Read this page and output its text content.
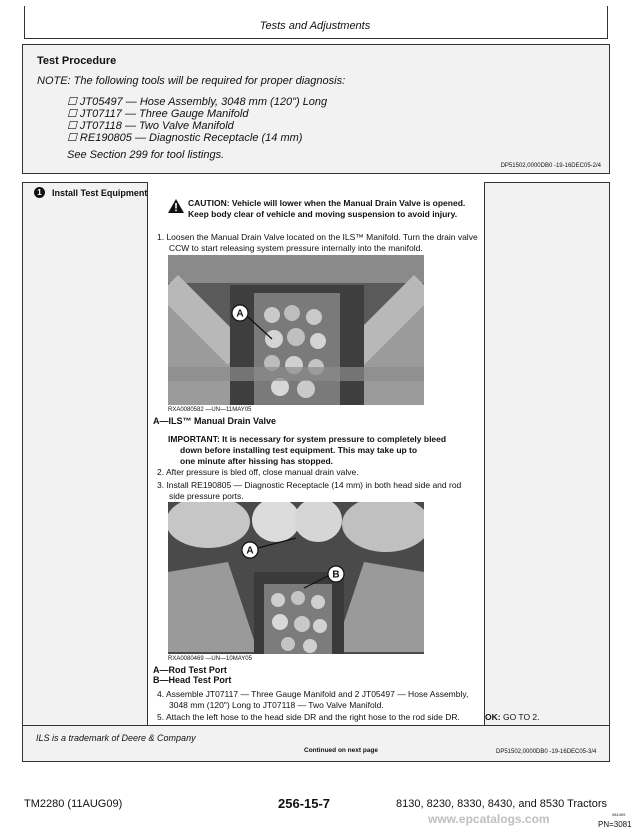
Tests and Adjustments
Test Procedure
NOTE: The following tools will be required for proper diagnosis:
☐ JT05497 — Hose Assembly, 3048 mm (120") Long
☐ JT07117 — Three Gauge Manifold
☐ JT07118 — Two Valve Manifold
☐ RE190805 — Diagnostic Receptacle (14 mm)
See Section 299 for tool listings.
DP51502,0000DB0 -19-16DEC05-2/4
1	Install Test Equipment
CAUTION: Vehicle will lower when the Manual Drain Valve is opened.
Keep body clear of vehicle and moving suspension to avoid injury.
1. Loosen the Manual Drain Valve located on the ILS™ Manifold. Turn the drain valve
CCW to start releasing system pressure internally into the manifold.
A
RXA0080582 —UN—11MAY05
A—ILS™ Manual Drain Valve
IMPORTANT: It is necessary for system pressure to completely bleed
down before installing test equipment. This may take up to
one minute after hissing has stopped.
2. After pressure is bled off, close manual drain valve.
3. Install RE190805 — Diagnostic Receptacle (14 mm) in both head side and rod
side pressure ports.
A
B
RXA0080469 —UN—10MAY05
A—Rod Test Port
B—Head Test Port
4. Assemble JT07117 — Three Gauge Manifold and 2 JT05497 — Hose Assembly,
3048 mm (120") Long to JT07118 — Two Valve Manifold.
5. Attach the left hose to the head side DR and the right hose to the rod side DR.	OK: GO TO 2.
ILS is a trademark of Deere & Company
Continued on next page	DP51502,0000DB0 -19-16DEC05-3/4
TM2280 (11AUG09)	256-15-7	8130, 8230, 8330, 8430, and 8530 Tractors
www.epcatalogs.com	081409
PN=3081
